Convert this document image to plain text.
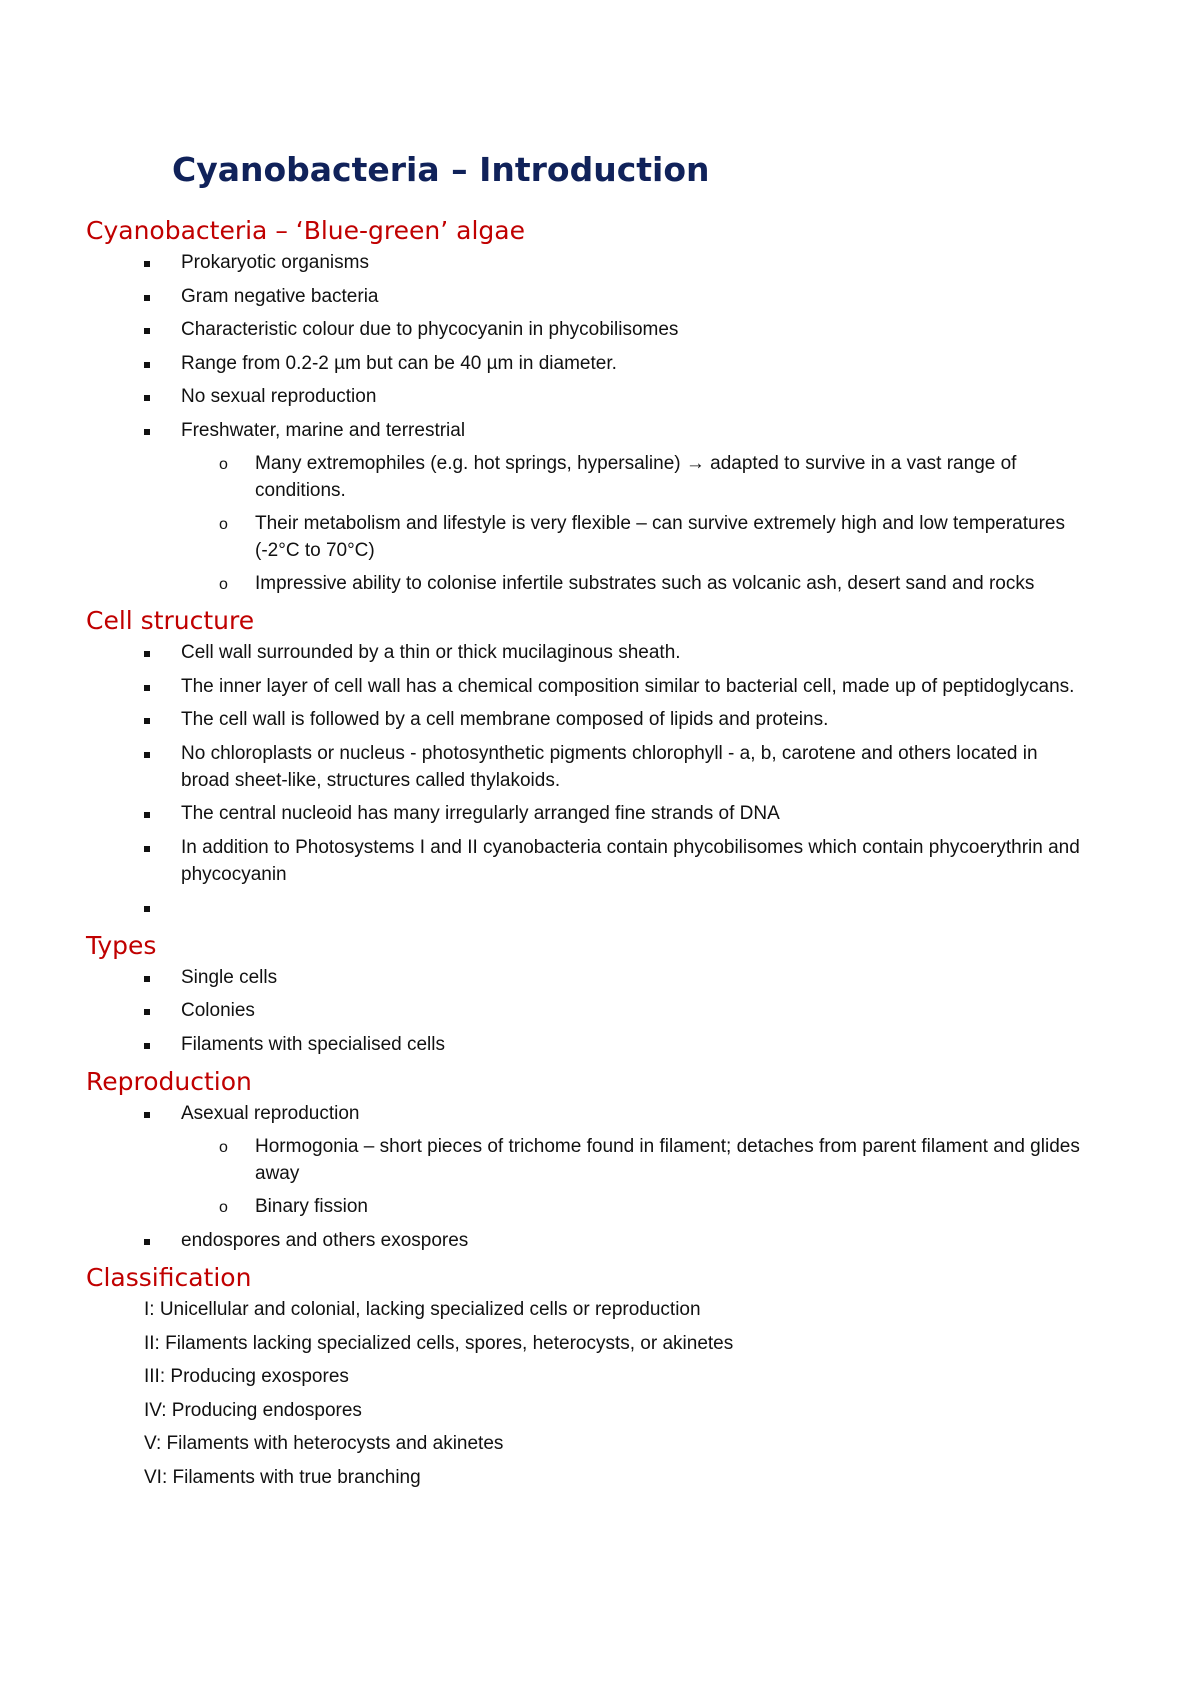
Cyanobacteria – Introduction
Cyanobacteria – ‘Blue-green’ algae
Prokaryotic organisms
Gram negative bacteria
Characteristic colour due to phycocyanin in phycobilisomes
Range from 0.2-2 µm but can be 40 µm in diameter.
No sexual reproduction
Freshwater, marine and terrestrial
o Many extremophiles (e.g. hot springs, hypersaline) → adapted to survive in a vast range of conditions.
o Their metabolism and lifestyle is very flexible – can survive extremely high and low temperatures (-2°C to 70°C)
o Impressive ability to colonise infertile substrates such as volcanic ash, desert sand and rocks
Cell structure
Cell wall surrounded by a thin or thick mucilaginous sheath.
The inner layer of cell wall has a chemical composition similar to bacterial cell, made up of peptidoglycans.
The cell wall is followed by a cell membrane composed of lipids and proteins.
No chloroplasts or nucleus - photosynthetic pigments chlorophyll - a, b, carotene and others located in broad sheet-like, structures called thylakoids.
The central nucleoid has many irregularly arranged fine strands of DNA
In addition to Photosystems I and II cyanobacteria contain phycobilisomes which contain phycoerythrin and phycocyanin
Types
Single cells
Colonies
Filaments with specialised cells
Reproduction
Asexual reproduction
o Hormogonia – short pieces of trichome found in filament; detaches from parent filament and glides away
o Binary fission
endospores and others exospores
Classification

I: Unicellular and colonial, lacking specialized cells or reproduction

II: Filaments lacking specialized cells, spores, heterocysts, or akinetes

III: Producing exospores

IV: Producing endospores

V: Filaments with heterocysts and akinetes

VI: Filaments with true branching
